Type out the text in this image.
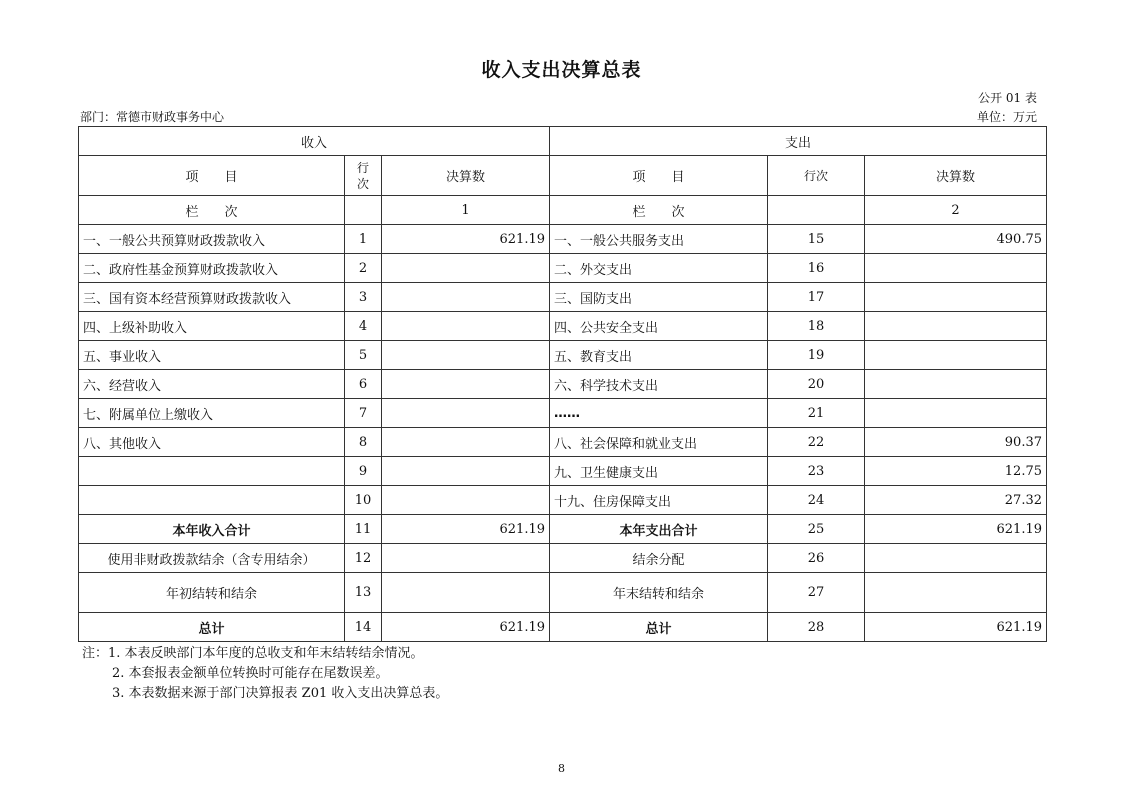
收入支出决算总表
公开 01 表
部门：常德市财政事务中心	单位：万元
收入			支出		
项　　目	行次	决算数	项　　目	行次	决算数
栏　　次		1	栏　　次		2
一、一般公共预算财政拨款收入	1	621.19	一、一般公共服务支出	15	490.75
二、政府性基金预算财政拨款收入	2		二、外交支出	16	
三、国有资本经营预算财政拨款收入	3		三、国防支出	17	
四、上级补助收入	4		四、公共安全支出	18	
五、事业收入	5		五、教育支出	19	
六、经营收入	6		六、科学技术支出	20	
七、附属单位上缴收入	7		……	21	
八、其他收入	8		八、社会保障和就业支出	22	90.37
	9		九、卫生健康支出	23	12.75
	10		十九、住房保障支出	24	27.32
本年收入合计	11	621.19	本年支出合计	25	621.19
使用非财政拨款结余（含专用结余）	12		结余分配	26	
年初结转和结余	13		年末结转和结余	27	
总计	14	621.19	总计	28	621.19
注：1. 本表反映部门本年度的总收支和年末结转结余情况。
2. 本套报表金额单位转换时可能存在尾数误差。
3. 本表数据来源于部门决算报表 Z01 收入支出决算总表。
8
